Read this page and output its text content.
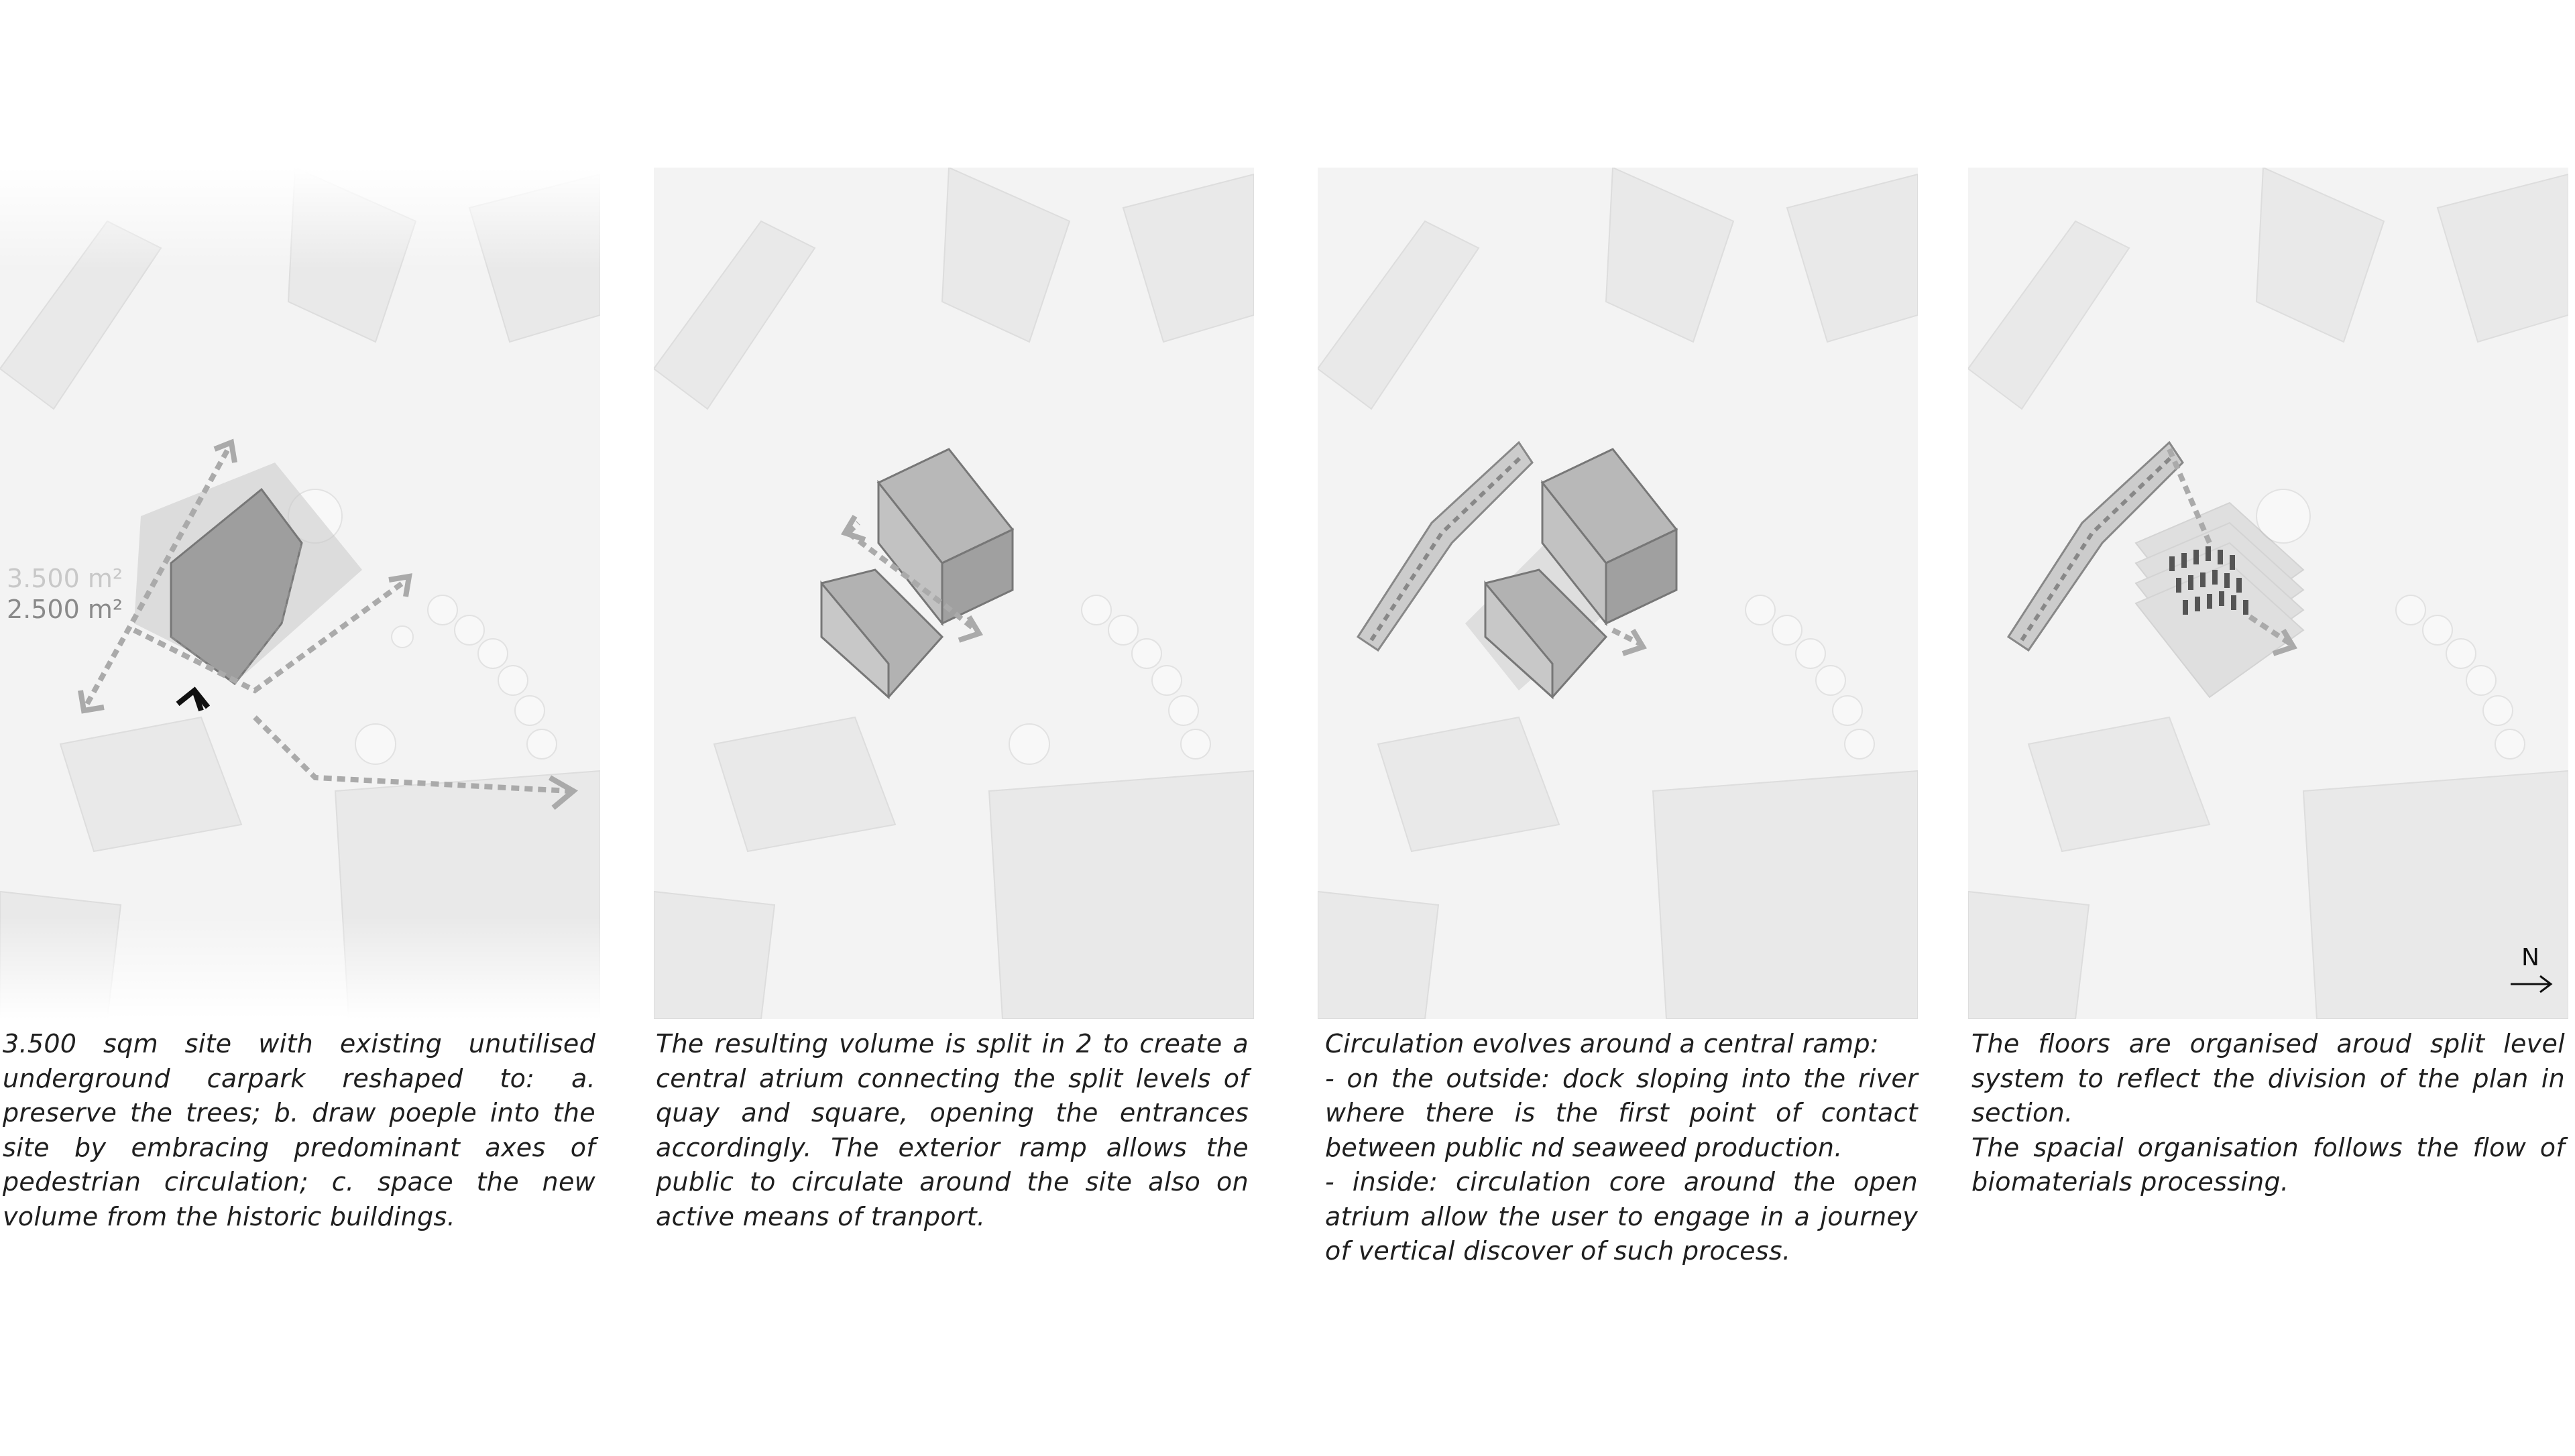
3.500 m²
2.500 m²
N

3.500 sqm site with existing unutilised underground carpark reshaped to: a. preserve the trees; b. draw poeple into the site by embracing predominant axes of pedestrian circulation; c. space the new volume from the historic buildings.

The resulting volume is split in 2 to create a central atrium connecting the split levels of quay and square, opening the entrances accordingly. The exterior ramp allows the public to circulate around the site also on active means of tranport.

Circulation evolves around a central ramp:

- on the outside: dock sloping into the river where there is the first point of contact between public nd seaweed production.

- inside: circulation core around the open atrium allow the user to engage in a journey of vertical discover of such process.

The floors are organised aroud split level system to reflect the division of the plan in section.

The spacial organisation follows the flow of biomaterials processing.
